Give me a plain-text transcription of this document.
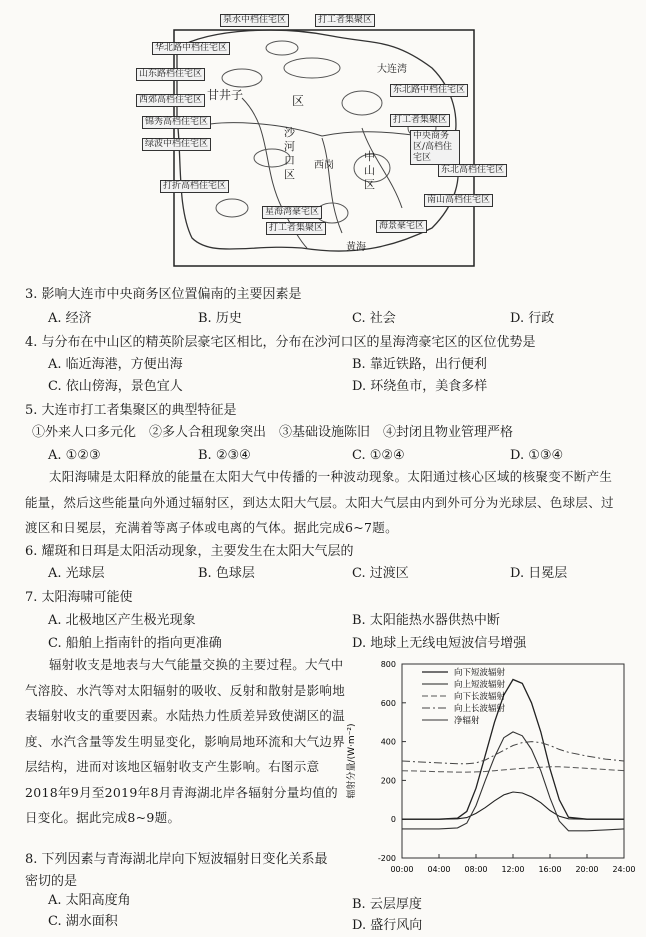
大连湾
甘井子	区
沙河口区
西岗
中山区
黄海
泉水中档住宅区	打工者集聚区
华北路中档住宅区
山东路档住宅区
东北路中档住宅区
西郊高档住宅区
锦秀高档住宅区	打工者集聚区
绿波中档住宅区
中央商务区/高档住宅区
打折高档住宅区
星海湾豪宅区
打工者集聚区
东北高档住宅区
南山高档住宅区
海景豪宅区
3. 影响大连市中央商务区位置偏南的主要因素是
A. 经济	B. 历史	C. 社会	D. 行政
4. 与分布在中山区的精英阶层豪宅区相比，分布在沙河口区的星海湾豪宅区的区位优势是
A. 临近海港，方便出海	B. 靠近铁路，出行便利
C. 依山傍海，景色宜人	D. 环绕鱼市，美食多样
5. 大连市打工者集聚区的典型特征是
①外来人口多元化　②多人合租现象突出　③基础设施陈旧　④封闭且物业管理严格
A. ①②③	B. ②③④	C. ①②④	D. ①③④
太阳海啸是太阳释放的能量在太阳大气中传播的一种波动现象。太阳通过核心区域的核聚变不断产生能量，然后这些能量向外通过辐射区，到达太阳大气层。太阳大气层由内到外可分为光球层、色球层、过渡区和日冕层，充满着等离子体或电离的气体。据此完成6~7题。
6. 耀斑和日珥是太阳活动现象，主要发生在太阳大气层的
A. 光球层	B. 色球层	C. 过渡区	D. 日冕层
7. 太阳海啸可能使
A. 北极地区产生极光现象	B. 太阳能热水器供热中断
C. 船舶上指南针的指向更准确	D. 地球上无线电短波信号增强
辐射收支是地表与大气能量交换的主要过程。大气中气溶胶、水汽等对太阳辐射的吸收、反射和散射是影响地表辐射收支的重要因素。水陆热力性质差异致使湖区的温度、水汽含量等发生明显变化，影响局地环流和大气边界层结构，进而对该地区辐射收支产生影响。右图示意2018年9月至2019年8月青海湖北岸各辐射分量均值的日变化。据此完成8~9题。
8. 下列因素与青海湖北岸向下短波辐射日变化关系最密切的是
A. 太阳高度角	B. 云层厚度
C. 湖水面积	D. 盛行风向
-200
0
200
400
600
800
00:00 04:00 08:00 12:00 16:00 20:00 24:00
辐射分量/(W·m⁻²)
向下短波辐射
向上短波辐射
向下长波辐射
向上长波辐射
净辐射
